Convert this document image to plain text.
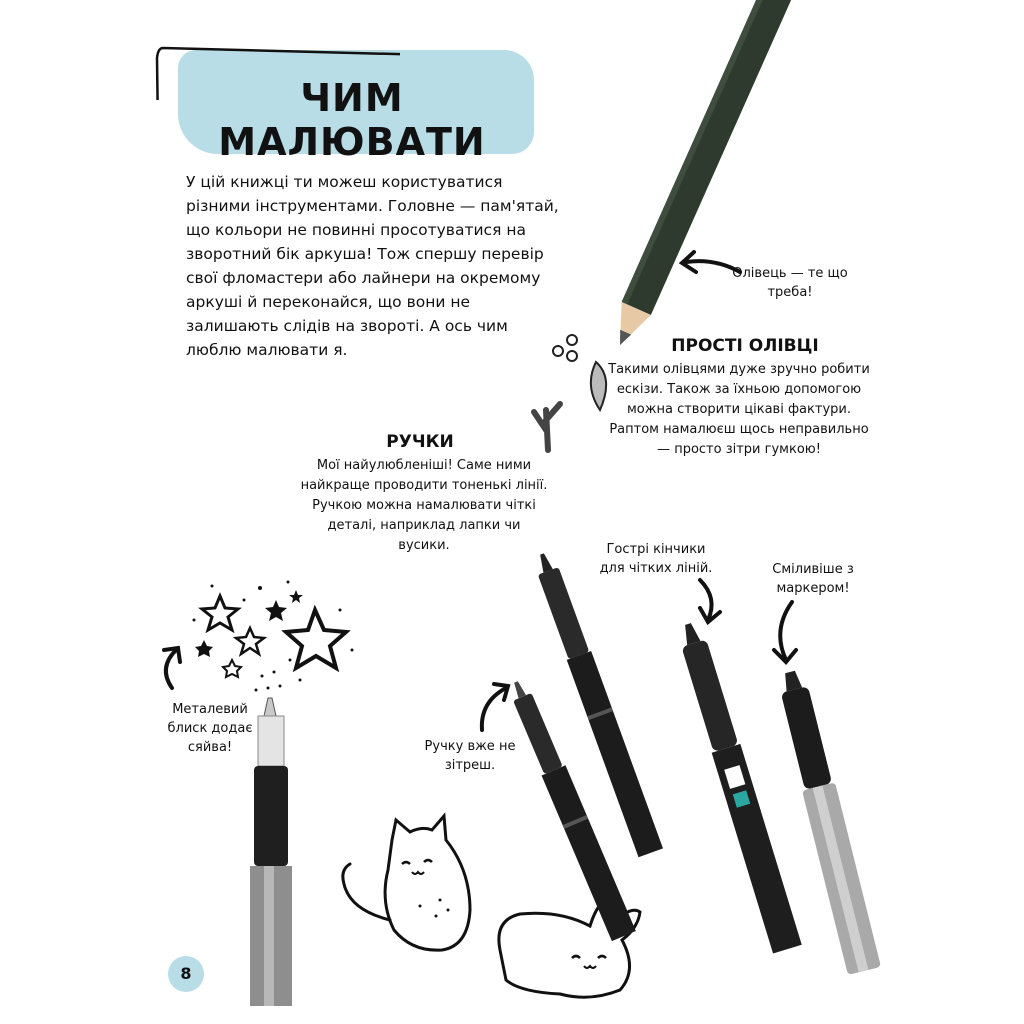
ЧИМ МАЛЮВАТИ
У цій книжці ти можеш користуватися різними інструментами. Головне — пам'ятай, що кольори не повинні просотуватися на зворотний бік аркуша! Тож спершу перевір свої фломастери або лайнери на окремому аркуші й переконайся, що вони не залишають слідів на звороті. А ось чим люблю малювати я.
Олівець — те що треба!
ПРОСТІ ОЛІВЦІ
Такими олівцями дуже зручно робити ескізи. Також за їхньою допомогою можна створити цікаві фактури. Раптом намалюєш щось неправильно — просто зітри гумкою!
РУЧКИ
Мої найулюбленіші! Саме ними найкраще проводити тоненькі лінії. Ручкою можна намалювати чіткі деталі, наприклад лапки чи вусики.
Металевий блиск додає сяйва!	Ручку вже не зітреш.
Гострі кінчики для чітких ліній.	Сміливіше з маркером!
8
